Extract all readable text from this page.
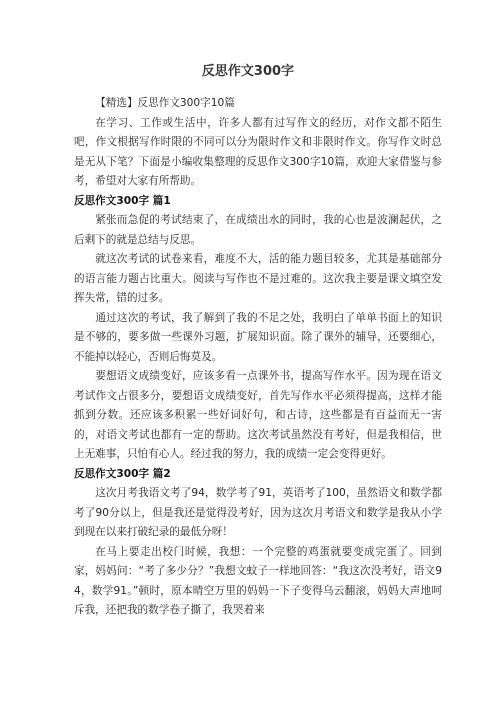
反思作文300字

【精选】反思作文300字10篇

在学习、工作或生活中，许多人都有过写作文的经历，对作文都不陌生吧，作文根据写作时限的不同可以分为限时作文和非限时作文。你写作文时总是无从下笔？下面是小编收集整理的反思作文300字10篇，欢迎大家借鉴与参考，希望对大家有所帮助。

反思作文300字 篇1

紧张而急促的考试结束了，在成绩出水的同时，我的心也是波澜起伏，之后剩下的就是总结与反思。

就这次考试的试卷来看，难度不大，活的能力题目较多，尤其是基础部分的语言能力题占比重大。阅读与写作也不是过难的。这次我主要是课文填空发挥失常，错的过多。

通过这次的考试，我了解到了我的不足之处，我明白了单单书面上的知识是不够的，要多做一些课外习题，扩展知识面。除了课外的辅导，还要细心，不能掉以轻心，否则后悔莫及。

要想语文成绩变好，应该多看一点课外书，提高写作水平。因为现在语文考试作文占很多分，要想语文成绩变好，首先写作水平必须得提高，这样才能抓到分数。还应该多积累一些好词好句，和古诗，这些都是有百益而无一害的，对语文考试也都有一定的帮助。这次考试虽然没有考好，但是我相信，世上无难事，只怕有心人。经过我的努力，我的成绩一定会变得更好。

反思作文300字 篇2

这次月考我语文考了94，数学考了91，英语考了100，虽然语文和数学都考了90分以上，但是我还是觉得没考好，因为这次月考语文和数学是我从小学到现在以来打破纪录的最低分呀！

在马上要走出校门时候，我想：一个完整的鸡蛋就要变成完蛋了。回到家，妈妈问：“考了多少分？”我想文蚊子一样地回答：“我这次没考好，语文94，数学91。”顿时，原本晴空万里的妈妈一下子变得乌云翻滚，妈妈大声地呵斥我，还把我的数学卷子撕了，我哭着来
